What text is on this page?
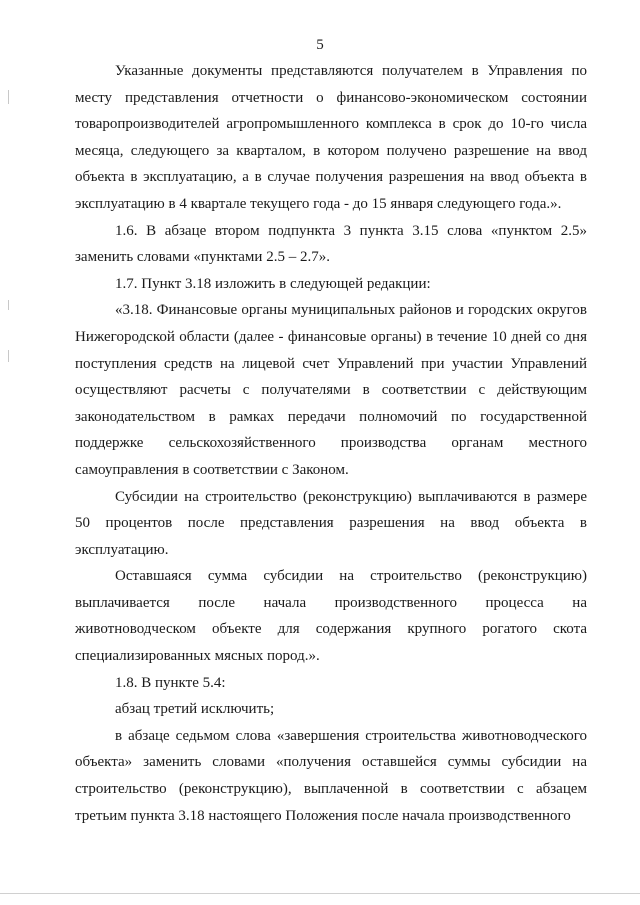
5

Указанные документы представляются получателем в Управления по месту представления отчетности о финансово-экономическом состоянии товаропроизводителей агропромышленного комплекса в срок до 10-го числа месяца, следующего за кварталом, в котором получено разрешение на ввод объекта в эксплуатацию, а в случае получения разрешения на ввод объекта в эксплуатацию в 4 квартале текущего года - до 15 января следующего года.».

1.6. В абзаце втором подпункта 3 пункта 3.15 слова «пунктом 2.5» заменить словами «пунктами 2.5 – 2.7».

1.7. Пункт 3.18 изложить в следующей редакции:

«3.18. Финансовые органы муниципальных районов и городских округов Нижегородской области (далее - финансовые органы) в течение 10 дней со дня поступления средств на лицевой счет Управлений при участии Управлений осуществляют расчеты с получателями в соответствии с действующим законодательством в рамках передачи полномочий по государственной поддержке сельскохозяйственного производства органам местного самоуправления в соответствии с Законом.

Субсидии на строительство (реконструкцию) выплачиваются в размере 50 процентов после представления разрешения на ввод объекта в эксплуатацию.

Оставшаяся сумма субсидии на строительство (реконструкцию) выплачивается после начала производственного процесса на животноводческом объекте для содержания крупного рогатого скота специализированных мясных пород.».

1.8. В пункте 5.4:

абзац третий исключить;

в абзаце седьмом слова «завершения строительства животноводческого объекта» заменить словами «получения оставшейся суммы субсидии на строительство (реконструкцию), выплаченной в соответствии с абзацем третьим пункта 3.18 настоящего Положения после начала производственного
